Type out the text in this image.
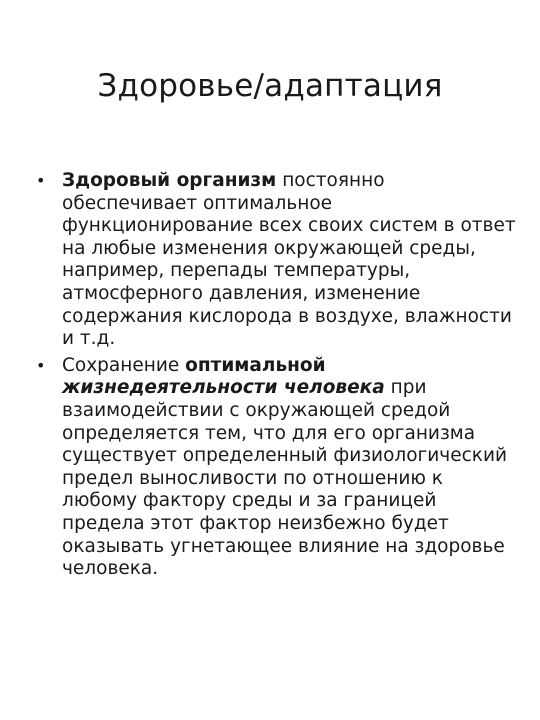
Здоровье/адаптация
• Здоровый организм постоянно обеспечивает оптимальное функционирование всех своих систем в ответ на любые изменения окружающей среды, например, перепады температуры, атмосферного давления, изменение содержания кислорода в воздухе, влажности и т.д.
• Сохранение оптимальной жизнедеятельности человека при взаимодействии с окружающей средой определяется тем, что для его организма существует определенный физиологический предел выносливости по отношению к любому фактору среды и за границей предела этот фактор неизбежно будет оказывать угнетающее влияние на здоровье человека.
